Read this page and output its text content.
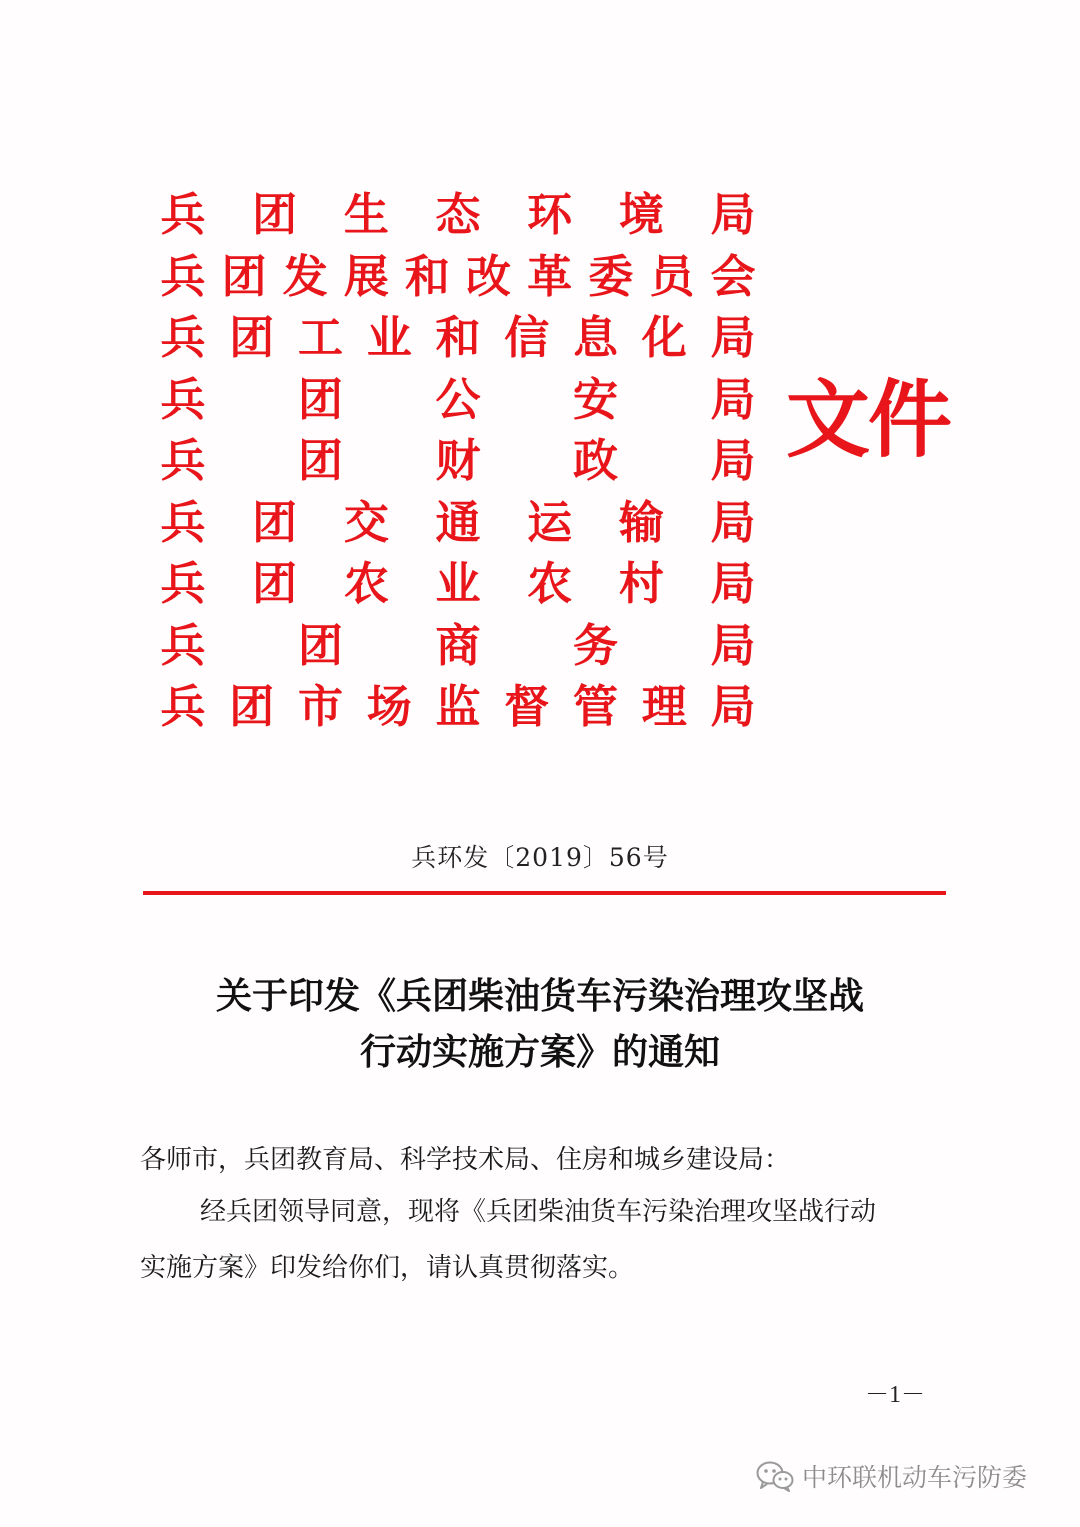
兵 团 生 态 环 境 局
兵 团 发 展 和 改 革 委 员 会
兵 团 工 业 和 信 息 化 局
兵 团 公 安 局
兵 团 财 政 局
兵 团 交 通 运 输 局
兵 团 农 业 农 村 局
兵 团 商 务 局
兵 团 市 场 监 督 管 理 局
文件
兵环发〔2019〕56号
关于印发《兵团柴油货车污染治理攻坚战
行动实施方案》的通知
各师市，兵团教育局、科学技术局、住房和城乡建设局：
经兵团领导同意，现将《兵团柴油货车污染治理攻坚战行动
实施方案》印发给你们，请认真贯彻落实。
－1－
中环联机动车污防委
